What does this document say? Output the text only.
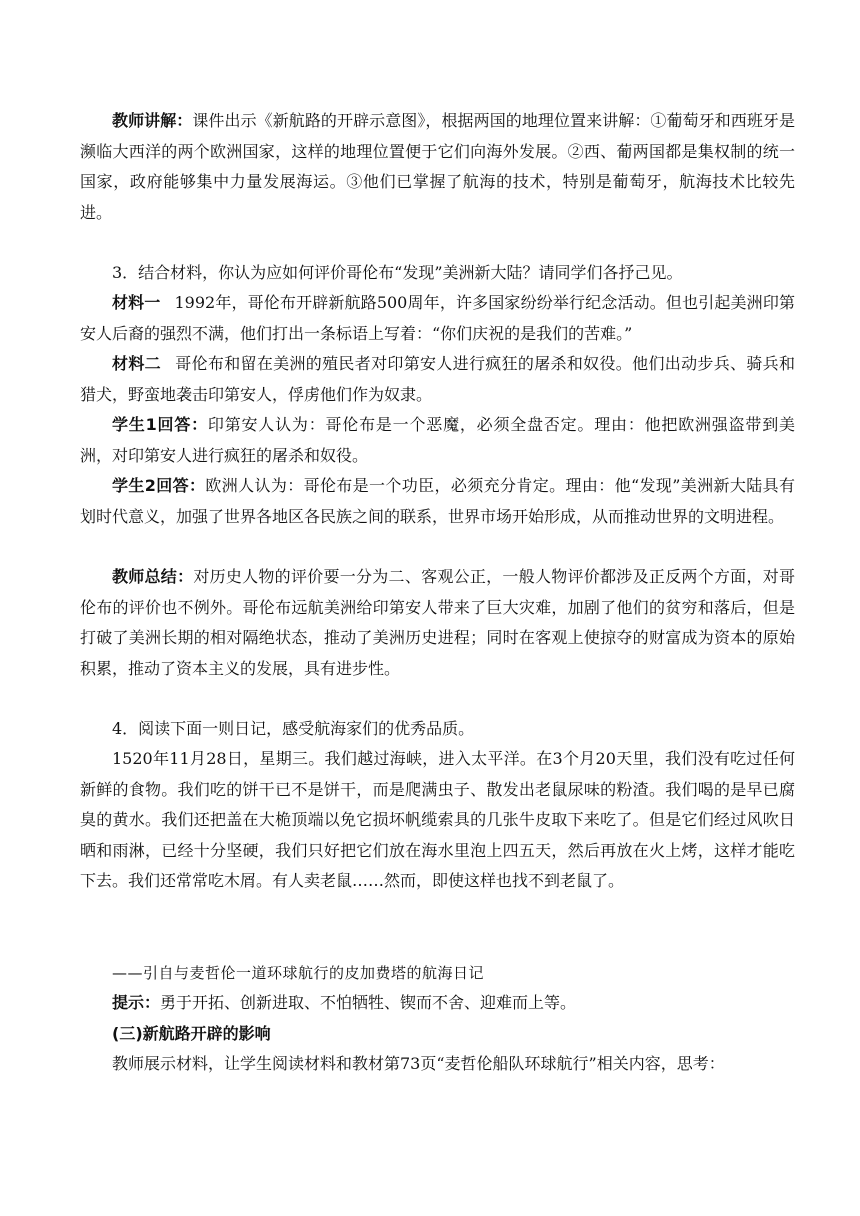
教师讲解：课件出示《新航路的开辟示意图》，根据两国的地理位置来讲解：①葡萄牙和西班牙是濒临大西洋的两个欧洲国家，这样的地理位置便于它们向海外发展。②西、葡两国都是集权制的统一国家，政府能够集中力量发展海运。③他们已掌握了航海的技术，特别是葡萄牙，航海技术比较先进。

3．结合材料，你认为应如何评价哥伦布“发现”美洲新大陆？请同学们各抒己见。

材料一 1992年，哥伦布开辟新航路500周年，许多国家纷纷举行纪念活动。但也引起美洲印第安人后裔的强烈不满，他们打出一条标语上写着：“你们庆祝的是我们的苦难。”

材料二 哥伦布和留在美洲的殖民者对印第安人进行疯狂的屠杀和奴役。他们出动步兵、骑兵和猎犬，野蛮地袭击印第安人，俘虏他们作为奴隶。

学生1回答：印第安人认为：哥伦布是一个恶魔，必须全盘否定。理由：他把欧洲强盗带到美洲，对印第安人进行疯狂的屠杀和奴役。

学生2回答：欧洲人认为：哥伦布是一个功臣，必须充分肯定。理由：他“发现”美洲新大陆具有划时代意义，加强了世界各地区各民族之间的联系，世界市场开始形成，从而推动世界的文明进程。

教师总结：对历史人物的评价要一分为二、客观公正，一般人物评价都涉及正反两个方面，对哥伦布的评价也不例外。哥伦布远航美洲给印第安人带来了巨大灾难，加剧了他们的贫穷和落后，但是打破了美洲长期的相对隔绝状态，推动了美洲历史进程；同时在客观上使掠夺的财富成为资本的原始积累，推动了资本主义的发展，具有进步性。

4．阅读下面一则日记，感受航海家们的优秀品质。

1520年11月28日，星期三。我们越过海峡，进入太平洋。在3个月20天里，我们没有吃过任何新鲜的食物。我们吃的饼干已不是饼干，而是爬满虫子、散发出老鼠尿味的粉渣。我们喝的是早已腐臭的黄水。我们还把盖在大桅顶端以免它损坏帆缆索具的几张牛皮取下来吃了。但是它们经过风吹日晒和雨淋，已经十分坚硬，我们只好把它们放在海水里泡上四五天，然后再放在火上烤，这样才能吃下去。我们还常常吃木屑。有人卖老鼠……然而，即使这样也找不到老鼠了。

——引自与麦哲伦一道环球航行的皮加费塔的航海日记

提示：勇于开拓、创新进取、不怕牺牲、锲而不舍、迎难而上等。

(三)新航路开辟的影响

教师展示材料，让学生阅读材料和教材第73页“麦哲伦船队环球航行”相关内容，思考：
